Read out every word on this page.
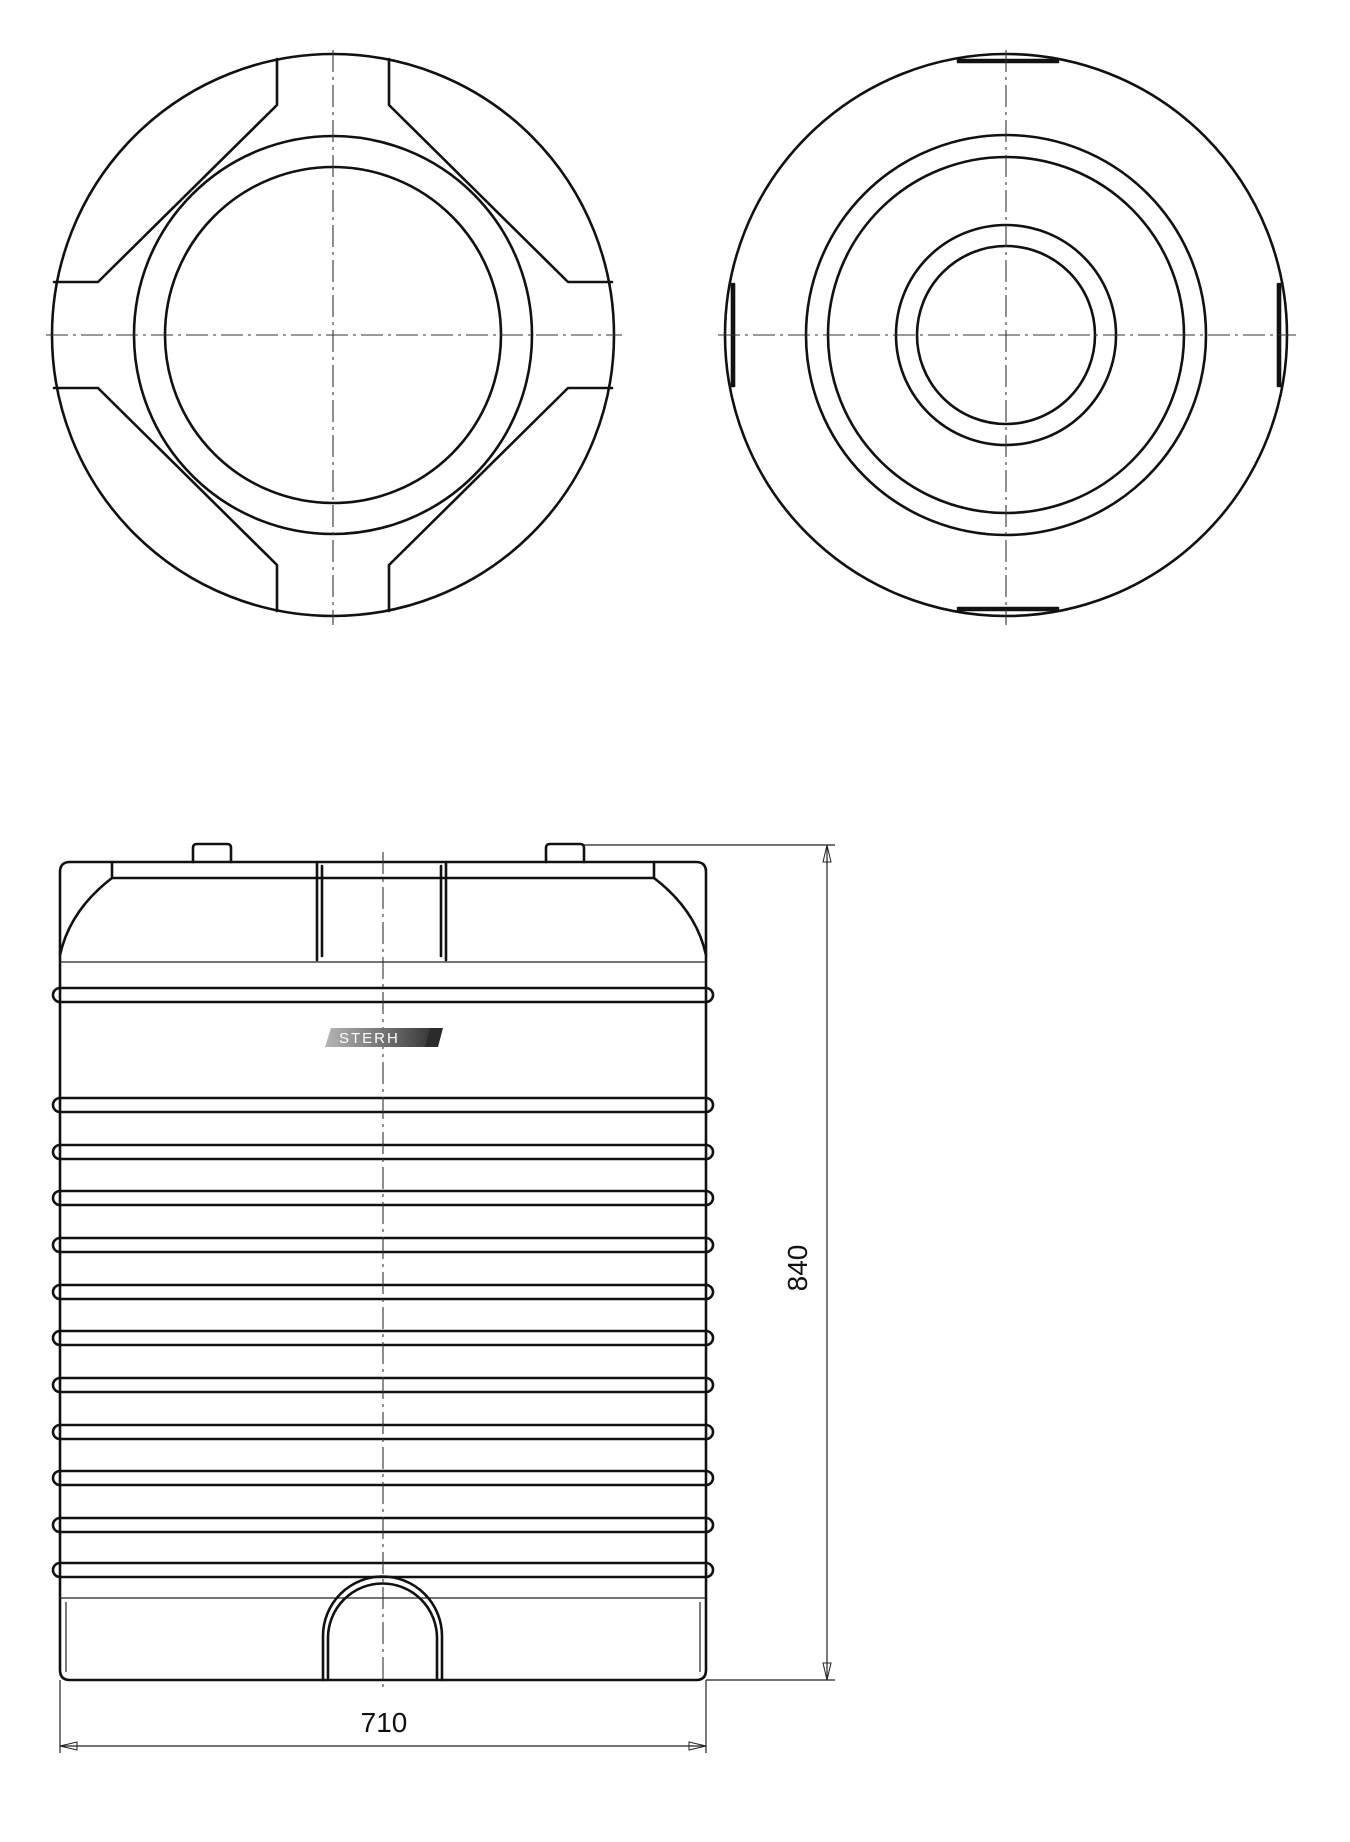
STERH
840
710
